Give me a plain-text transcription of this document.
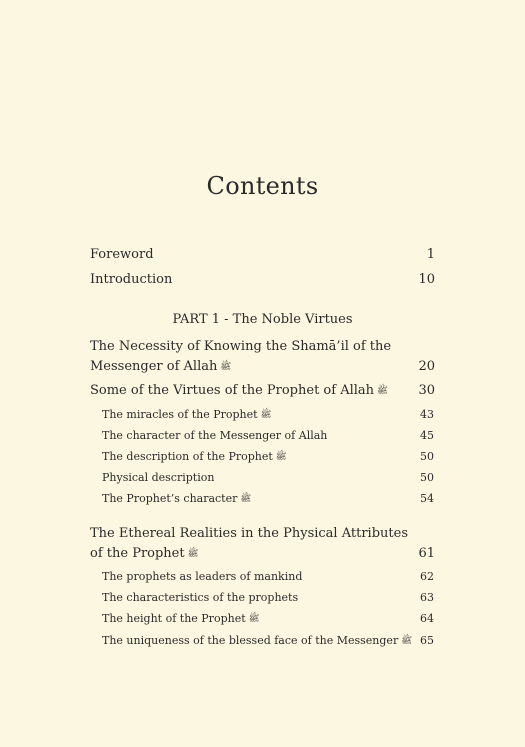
Contents
Foreword	1
Introduction	10
PART 1 - The Noble Virtues
The Necessity of Knowing the Shamā’il of the Messenger of Allah ﷺ	20
Some of the Virtues of the Prophet of Allah ﷺ 30
The miracles of the Prophet ﷺ	43
The character of the Messenger of Allah	45
The description of the Prophet ﷺ	50
Physical description	50
The Prophet’s character ﷺ	54
The Ethereal Realities in the Physical Attributes of the Prophet ﷺ	61
The prophets as leaders of mankind	62
The characteristics of the prophets	63
The height of the Prophet ﷺ	64
The uniqueness of the blessed face of the Messenger ﷺ 65
